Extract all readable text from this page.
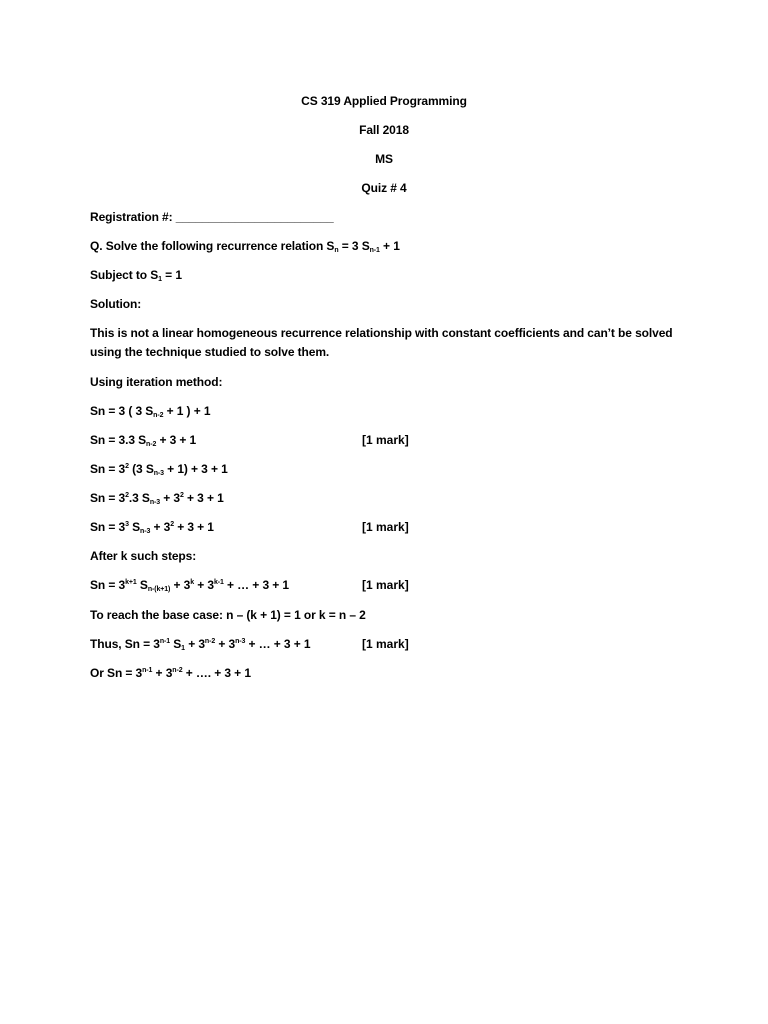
CS 319 Applied Programming
Fall 2018
MS
Quiz # 4
Registration #: ________________________
Q. Solve the following recurrence relation $S_n = 3$ $S_{n-1} + 1$
Subject to $S_1 = 1$
Solution:
This is not a linear homogeneous recurrence relationship with constant coefficients and can’t be solved using the technique studied to solve them.
Using iteration method:
Sn = 3 ( 3 $S_{n-2} + 1$ ) + 1
Sn = 3.3 $S_{n-2} + 3 + 1$	[1 mark]
$Sn = 3^2$ (3 $S_{n-3} + 1) + 3 + 1$
$Sn = 3^2.3$ $S_{n-3} + 3^2 + 3 + 1$
$Sn = 3^3$ $S_{n-3} + 3^2 + 3 + 1$	[1 mark]
After k such steps:
$Sn = 3^{k+1}$ $S_{n-(k+1)} + 3^k + 3^{k-1}$ + … + 3 + 1	[1 mark]
To reach the base case: n – (k + 1) = 1 or k = n – 2
Thus, $Sn = 3^{n-1}$ $S_1 + 3^{n-2} + 3^{n-3}$ + … + 3 + 1	[1 mark]
Or $Sn = 3^{n-1} + 3^{n-2}$ + …. + 3 + 1
